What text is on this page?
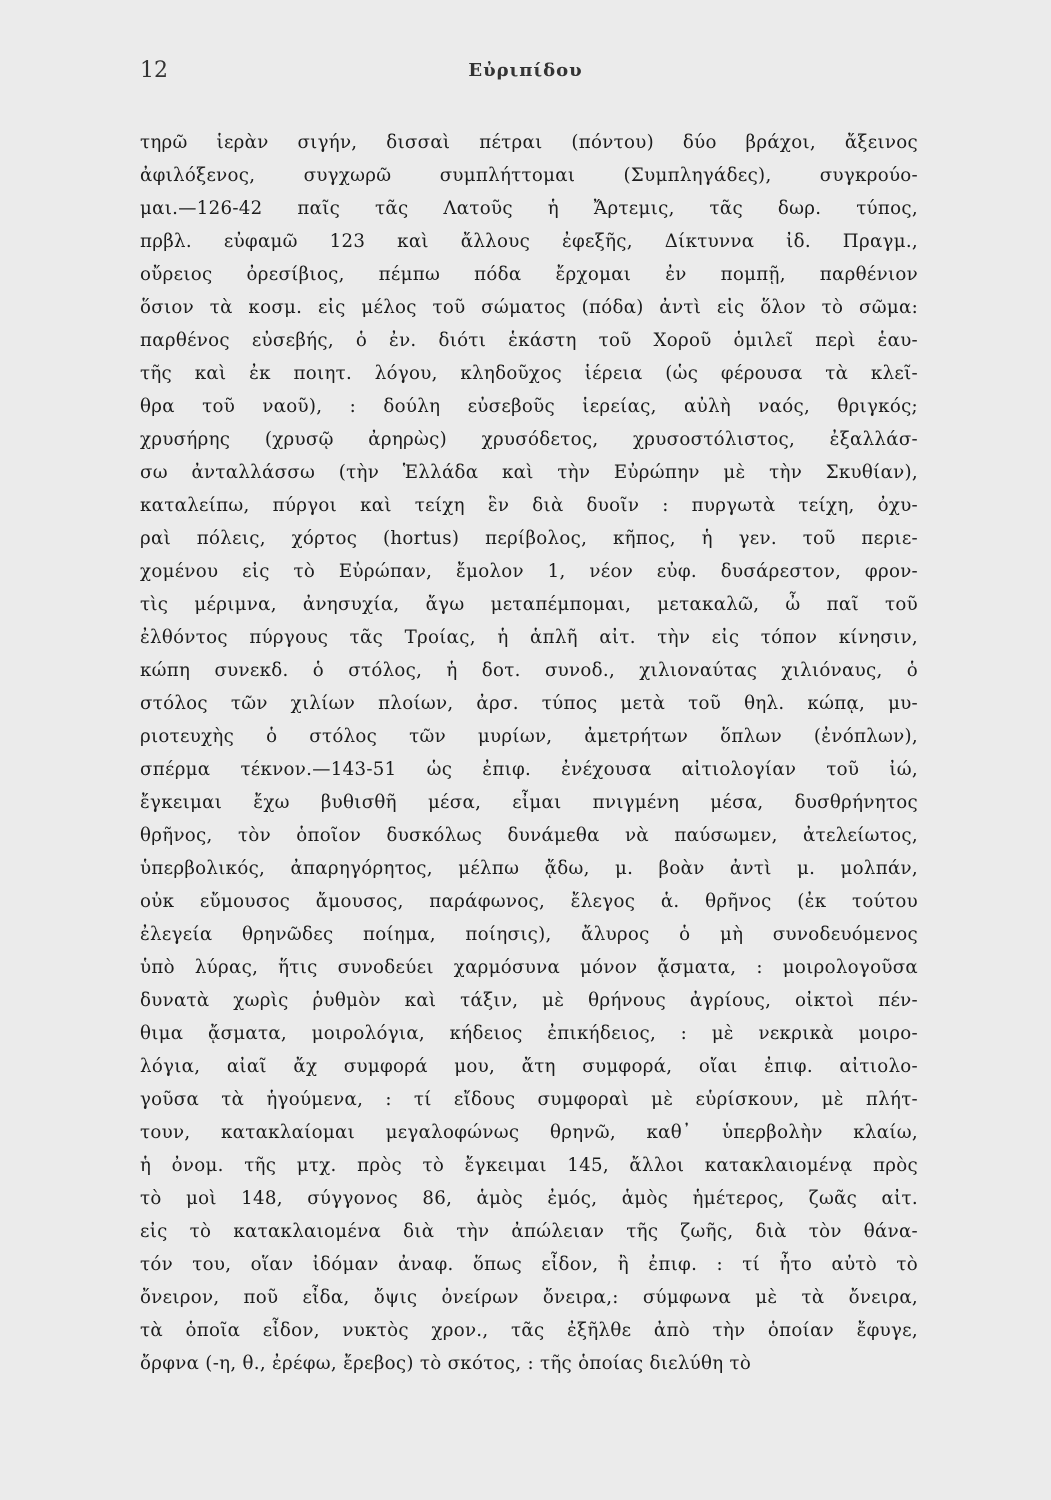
12	Εὐριπίδου
τηρῶ ἱερὰν σιγήν, δισσαὶ πέτραι (πόντου) δύο βράχοι, ἄξεινος
ἀφιλόξενος, συγχωρῶ συμπλήττομαι (Συμπληγάδες), συγκρούο-
μαι.—126-42 παῖς τᾶς Λατοῦς ἡ Ἄρτεμις, τᾶς δωρ. τύπος,
πρβλ. εὐφαμῶ 123 καὶ ἄλλους ἐφεξῆς, Δίκτυννα ἰδ. Πραγμ.,
οὔρειος ὀρεσίβιος, πέμπω πόδα ἔρχομαι ἐν πομπῇ, παρθένιον
ὅσιον τὰ κοσμ. εἰς μέλος τοῦ σώματος (πόδα) ἀντὶ εἰς ὅλον τὸ σῶμα:
παρθένος εὐσεβής, ὁ ἐν. διότι ἑκάστη τοῦ Χοροῦ ὁμιλεῖ περὶ ἑαυ-
τῆς καὶ ἐκ ποιητ. λόγου, κληδοῦχος ἱέρεια (ὡς φέρουσα τὰ κλεῖ-
θρα τοῦ ναοῦ), : δούλη εὐσεβοῦς ἱερείας, αὐλὴ ναός, θριγκός;
χρυσήρης (χρυσῷ ἀρηρὼς) χρυσόδετος, χρυσοστόλιστος, ἐξαλλάσ-
σω ἀνταλλάσσω (τὴν Ἑλλάδα καὶ τὴν Εὐρώπην μὲ τὴν Σκυθίαν),
καταλείπω, πύργοι καὶ τείχη ἓν διὰ δυοῖν : πυργωτὰ τείχη, ὀχυ-
ραὶ πόλεις, χόρτος (hortus) περίβολος, κῆπος, ἡ γεν. τοῦ περιε-
χομένου εἰς τὸ Εὐρώπαν, ἔμολον 1, νέον εὐφ. δυσάρεστον, φρον-
τὶς μέριμνα, ἀνησυχία, ἄγω μεταπέμπομαι, μετακαλῶ, ὦ παῖ τοῦ
ἐλθόντος πύργους τᾶς Τροίας, ἡ ἁπλῆ αἰτ. τὴν εἰς τόπον κίνησιν,
κώπη συνεκδ. ὁ στόλος, ἡ δοτ. συνοδ., χιλιοναύτας χιλιόναυς, ὁ
στόλος τῶν χιλίων πλοίων, ἀρσ. τύπος μετὰ τοῦ θηλ. κώπᾳ, μυ-
ριοτευχὴς ὁ στόλος τῶν μυρίων, ἀμετρήτων ὅπλων (ἐνόπλων),
σπέρμα τέκνον.—143-51 ὡς ἐπιφ. ἐνέχουσα αἰτιολογίαν τοῦ ἰώ,
ἔγκειμαι ἔχω βυθισθῆ μέσα, εἶμαι πνιγμένη μέσα, δυσθρήνητος
θρῆνος, τὸν ὁποῖον δυσκόλως δυνάμεθα νὰ παύσωμεν, ἀτελείωτος,
ὑπερβολικός, ἀπαρηγόρητος, μέλπω ᾄδω, μ. βοὰν ἀντὶ μ. μολπάν,
οὐκ εὔμουσος ἄμουσος, παράφωνος, ἔλεγος ἁ. θρῆνος (ἐκ τούτου
ἐλεγεία θρηνῶδες ποίημα, ποίησις), ἄλυρος ὁ μὴ συνοδευόμενος
ὑπὸ λύρας, ἥτις συνοδεύει χαρμόσυνα μόνον ᾄσματα, : μοιρολογοῦσα
δυνατὰ χωρὶς ῥυθμὸν καὶ τάξιν, μὲ θρήνους ἀγρίους, οἰκτοὶ πέν-
θιμα ᾄσματα, μοιρολόγια, κήδειος ἐπικήδειος, : μὲ νεκρικὰ μοιρο-
λόγια, αἰαῖ ἄχ συμφορά μου, ἄτη συμφορά, οἴαι ἐπιφ. αἰτιολο-
γοῦσα τὰ ἡγούμενα, : τί εἴδους συμφοραὶ μὲ εὑρίσκουν, μὲ πλήτ-
τουν, κατακλαίομαι μεγαλοφώνως θρηνῶ, καθ᾽ ὑπερβολὴν κλαίω,
ἡ ὀνομ. τῆς μτχ. πρὸς τὸ ἔγκειμαι 145, ἄλλοι κατακλαιομένᾳ πρὸς
τὸ μοὶ 148, σύγγονος 86, ἁμὸς ἐμός, ἁμὸς ἡμέτερος, ζωᾶς αἰτ.
εἰς τὸ κατακλαιομένα διὰ τὴν ἀπώλειαν τῆς ζωῆς, διὰ τὸν θάνα-
τόν του, οἵαν ἰδόμαν ἀναφ. ὅπως εἶδον, ἢ ἐπιφ. : τί ἦτο αὐτὸ τὸ
ὄνειρον, ποῦ εἶδα, ὄψις ὀνείρων ὄνειρα,: σύμφωνα μὲ τὰ ὄνειρα,
τὰ ὁποῖα εἶδον, νυκτὸς χρον., τᾶς ἐξῆλθε ἀπὸ τὴν ὁποίαν ἔφυγε,
ὄρφνα (-η, θ., ἐρέφω, ἔρεβος) τὸ σκότος, : τῆς ὁποίας διελύθη τὸ
